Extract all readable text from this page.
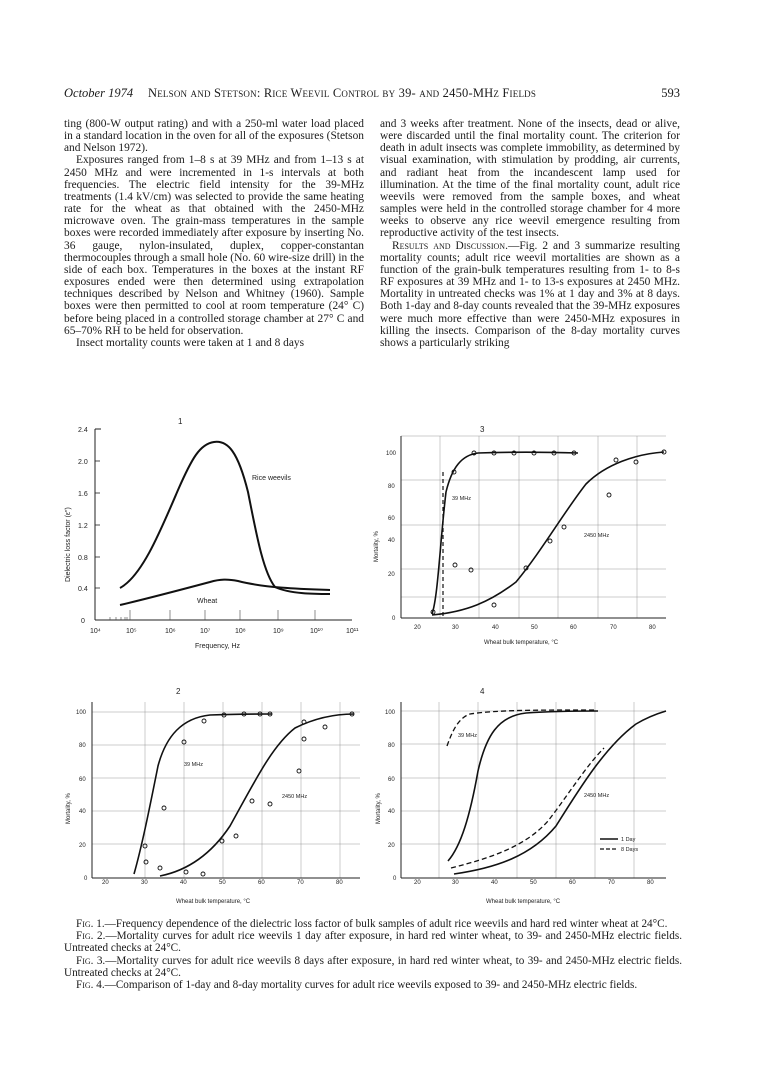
October 1974 Nelson and Stetson: Rice Weevil Control by 39- and 2450-MHz Fields	593

ting (800-W output rating) and with a 250-ml water load placed in a standard location in the oven for all of the exposures (Stetson and Nelson 1972).

Exposures ranged from 1–8 s at 39 MHz and from 1–13 s at 2450 MHz and were incremented in 1-s intervals at both frequencies. The electric field intensity for the 39-MHz treatments (1.4 kV/cm) was selected to provide the same heating rate for the wheat as that obtained with the 2450-MHz microwave oven. The grain-mass temperatures in the sample boxes were recorded immediately after exposure by inserting No. 36 gauge, nylon-insulated, duplex, copper-constantan thermocouples through a small hole (No. 60 wire-size drill) in the side of each box. Temperatures in the boxes at the instant RF exposures ended were then determined using extrapolation techniques described by Nelson and Whitney (1960). Sample boxes were then permitted to cool at room temperature (24° C) before being placed in a controlled storage chamber at 27° C and 65–70% RH to be held for observation.

Insect mortality counts were taken at 1 and 8 days

and 3 weeks after treatment. None of the insects, dead or alive, were discarded until the final mortality count. The criterion for death in adult insects was complete immobility, as determined by visual examination, with stimulation by prodding, air currents, and radiant heat from the incandescent lamp used for illumination. At the time of the final mortality count, adult rice weevils were removed from the sample boxes, and wheat samples were held in the controlled storage chamber for 4 more weeks to observe any rice weevil emergence resulting from reproductive activity of the test insects.

Results and Discussion.—Fig. 2 and 3 summarize resulting mortality counts; adult rice weevil mortalities are shown as a function of the grain-bulk temperatures resulting from 1- to 8-s RF exposures at 39 MHz and 1- to 13-s exposures at 2450 MHz. Mortality in untreated checks was 1% at 1 day and 3% at 8 days. Both 1-day and 8-day counts revealed that the 39-MHz exposures were much more effective than were 2450-MHz exposures in killing the insects. Comparison of the 8-day mortality curves shows a particularly striking

1
0
0.4
0.8
1.2
1.6
2.0
2.4
10⁴	10⁵	10⁶	10⁷	10⁸	10⁹	10¹⁰	10¹¹
Dielectric loss factor (ε″)
Frequency, Hz
Rice weevils
Wheat
3
0
20
40
60
80
100
20	30	40	50	60	70	80
Mortality, %
Wheat bulk temperature, °C
39 MHz
2450 MHz
2
0
20
40
60
80
100
20	30	40	50	60	70	80
Mortality, %
Wheat bulk temperature, °C
39 MHz
2450 MHz
4
0
20
40
60
80
100
20	30	40	50	60	70	80
Mortality, %
Wheat bulk temperature, °C
39 MHz
2450 MHz
1 Day
8 Days

Fig. 1.—Frequency dependence of the dielectric loss factor of bulk samples of adult rice weevils and hard red winter wheat at 24°C.

Fig. 2.—Mortality curves for adult rice weevils 1 day after exposure, in hard red winter wheat, to 39- and 2450-MHz electric fields. Untreated checks at 24°C.

Fig. 3.—Mortality curves for adult rice weevils 8 days after exposure, in hard red winter wheat, to 39- and 2450-MHz electric fields. Untreated checks at 24°C.

Fig. 4.—Comparison of 1-day and 8-day mortality curves for adult rice weevils exposed to 39- and 2450-MHz electric fields.
